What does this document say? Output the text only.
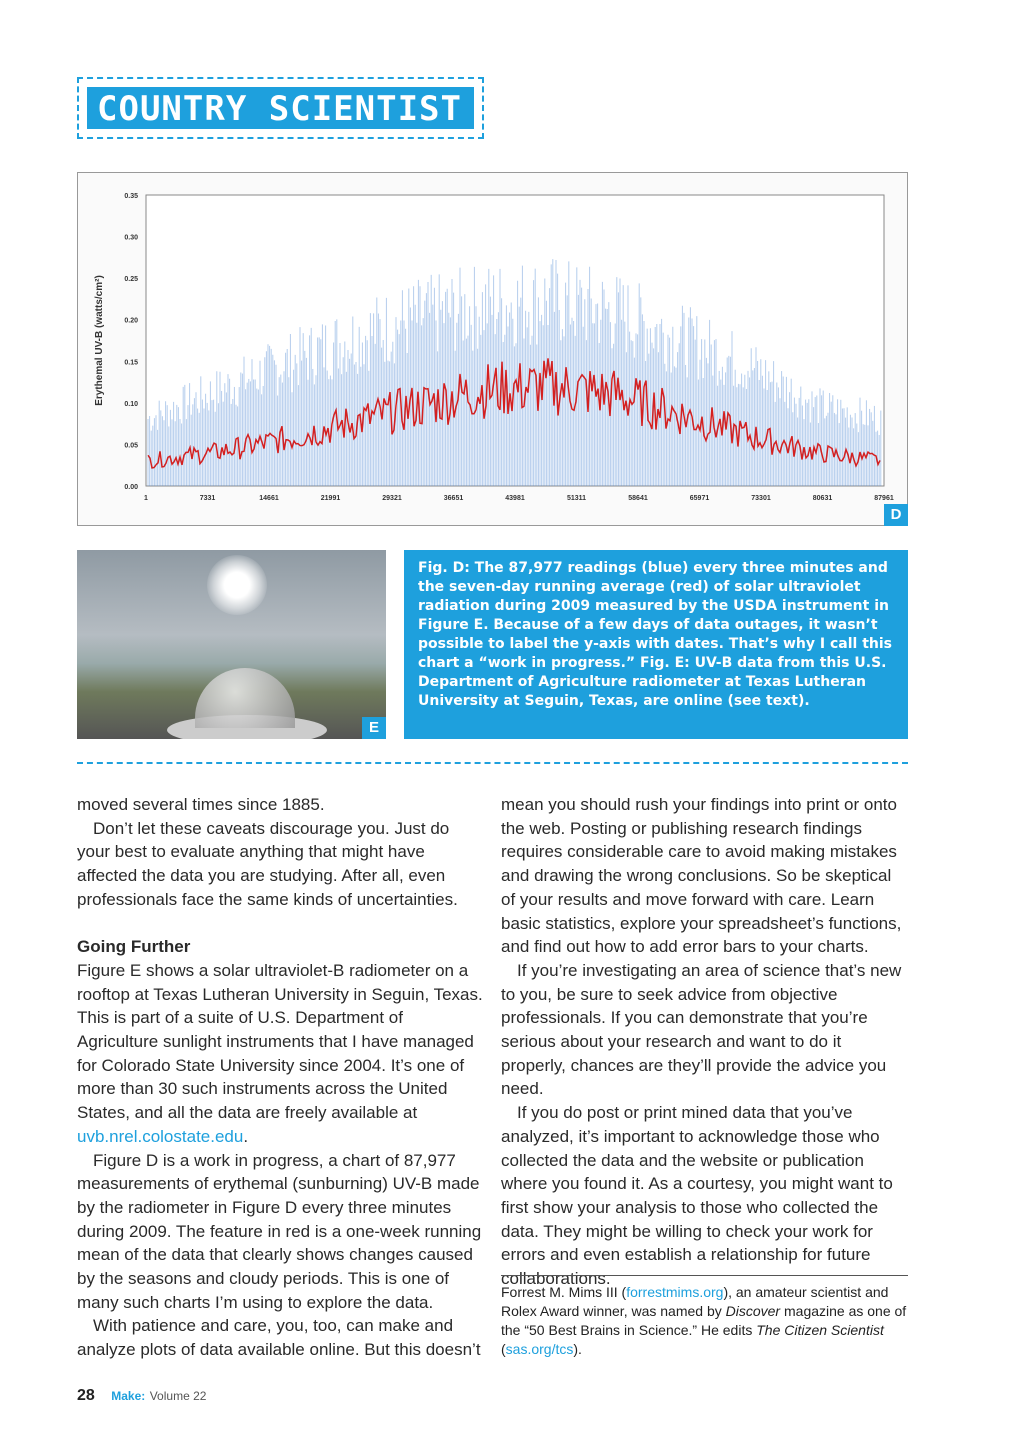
COUNTRY SCIENTIST
0.35
0.30
0.25
0.20
0.15
0.10
0.05
0.00
1	7331	14661	21991	29321	36651	43981	51311	58641	65971	73301	80631	87961
Erythemal UV-B (watts/cm²)
D
E
Fig. D: The 87,977 readings (blue) every three minutes and the seven-day running average (red) of solar ultraviolet radiation during 2009 measured by the USDA instrument in Figure E. Because of a few days of data outages, it wasn’t possible to label the y-axis with dates. That’s why I call this chart a “work in progress.” Fig. E: UV-B data from this U.S. Department of Agriculture radiometer at Texas Lutheran University at Seguin, Texas, are online (see text).

moved several times since 1885.

Don’t let these caveats discourage you. Just do your best to evaluate anything that might have affected the data you are studying. After all, even professionals face the same kinds of uncertainties.

Going Further

Figure E shows a solar ultraviolet-B radiometer on a rooftop at Texas Lutheran University in Seguin, Texas. This is part of a suite of U.S. Department of Agriculture sunlight instruments that I have managed for Colorado State University since 2004. It’s one of more than 30 such instruments across the United States, and all the data are freely available at uvb.nrel.colostate.edu.

Figure D is a work in progress, a chart of 87,977 measurements of erythemal (sunburning) UV-B made by the radiometer in Figure D every three minutes during 2009. The feature in red is a one-week running mean of the data that clearly shows changes caused by the seasons and cloudy periods. This is one of many such charts I’m using to explore the data.

With patience and care, you, too, can make and analyze plots of data available online. But this doesn’t

mean you should rush your findings into print or onto the web. Posting or publishing research findings requires considerable care to avoid making mistakes and drawing the wrong conclusions. So be skeptical of your results and move forward with care. Learn basic statistics, explore your spreadsheet’s functions, and find out how to add error bars to your charts.

If you’re investigating an area of science that’s new to you, be sure to seek advice from objective professionals. If you can demonstrate that you’re serious about your research and want to do it properly, chances are they’ll provide the advice you need.

If you do post or print mined data that you’ve analyzed, it’s important to acknowledge those who collected the data and the website or publication where you found it. As a courtesy, you might want to first show your analysis to those who collected the data. They might be willing to check your work for errors and even establish a relationship for future collaborations.

Forrest M. Mims III (forrestmims.org), an amateur scientist and Rolex Award winner, was named by Discover magazine as one of the “50 Best Brains in Science.” He edits The Citizen Scientist (sas.org/tcs).
28 Make: Volume 22
